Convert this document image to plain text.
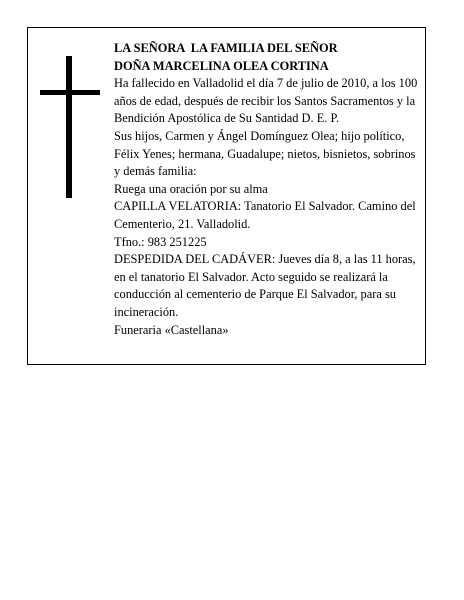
LA SEÑORA  LA FAMILIA DEL SEÑOR
DOÑA MARCELINA OLEA CORTINA

Ha fallecido en Valladolid el día 7 de julio de 2010, a los 100 años de edad, después de recibir los Santos Sacramentos y la Bendición Apostólica de Su Santidad D. E. P.

Sus hijos, Carmen y Ángel Domínguez Olea; hijo político, Félix Yenes; hermana, Guadalupe; nietos, bisnietos, sobrinos y demás familia:

Ruega una oración por su alma

CAPILLA VELATORIA: Tanatorio El Salvador. Camino del Cementerio, 21. Valladolid.

Tfno.: 983 251225

DESPEDIDA DEL CADÁVER: Jueves día 8, a las 11 horas, en el tanatorio El Salvador. Acto seguido se realizará la conducción al cementerio de Parque El Salvador, para su incineración.

Funeraria «Castellana»
